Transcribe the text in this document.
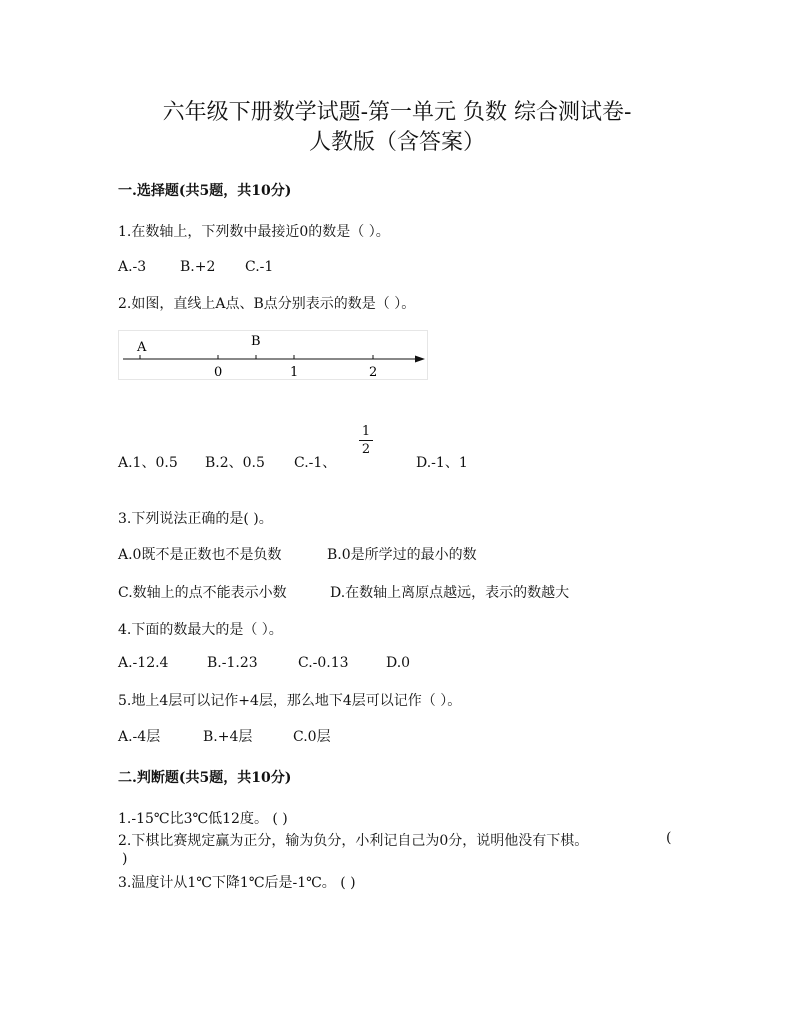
六年级下册数学试题-第一单元 负数 综合测试卷-
人教版（含答案）
一.选择题(共5题，共10分)
1.在数轴上，下列数中最接近0的数是（ ）。
A.-3 B.+2 C.-1
2.如图，直线上A点、B点分别表示的数是（ ）。
A	B
0	1	2
A.1、0.5 B.2、0.5 C.-1、
1
2
D.-1、1
3.下列说法正确的是( )。
A.0既不是正数也不是负数	B.0是所学过的最小的数
C.数轴上的点不能表示小数	D.在数轴上离原点越远，表示的数越大
4.下面的数最大的是（ ）。
A.-12.4	B.-1.23	C.-0.13	D.0
5.地上4层可以记作+4层，那么地下4层可以记作（ ）。
A.-4层	B.+4层	C.0层
二.判断题(共5题，共10分)
1.-15℃比3℃低12度。 ( )
2.下棋比赛规定赢为正分，输为负分，小利记自己为0分，说明他没有下棋。	(
)
3.温度计从1℃下降1℃后是-1℃。 ( )
